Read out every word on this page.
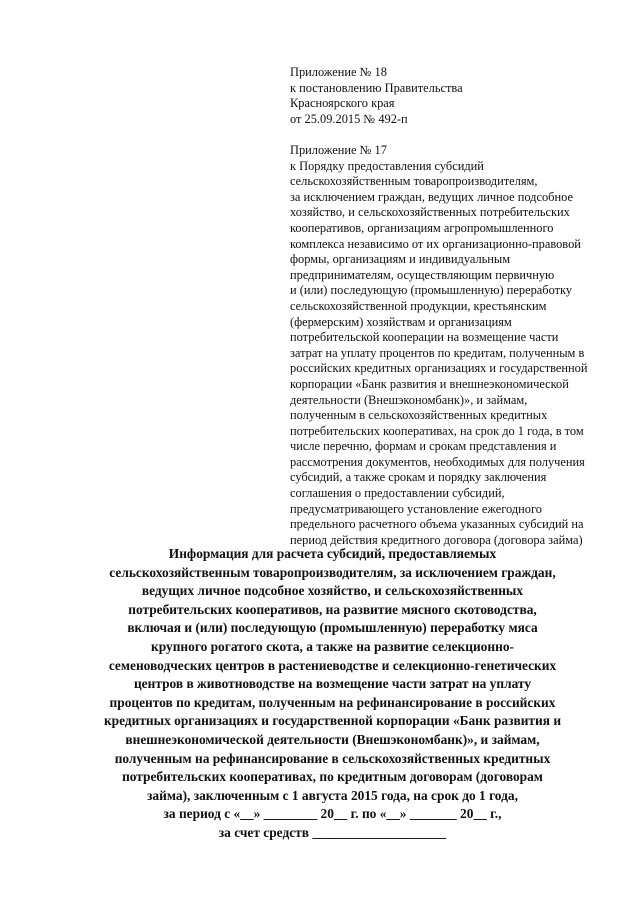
Приложение № 18
к постановлению Правительства
Красноярского края
от 25.09.2015 № 492-п
Приложение № 17
к Порядку предоставления субсидий
сельскохозяйственным товаропроизводителям,
за исключением граждан, ведущих личное подсобное
хозяйство, и сельскохозяйственных потребительских
кооперативов, организациям агропромышленного
комплекса независимо от их организационно-правовой
формы, организациям и индивидуальным
предпринимателям, осуществляющим первичную
и (или) последующую (промышленную) переработку
сельскохозяйственной продукции, крестьянским
(фермерским) хозяйствам и организациям
потребительской кооперации на возмещение части
затрат на уплату процентов по кредитам, полученным в
российских кредитных организациях и государственной
корпорации «Банк развития и внешнеэкономической
деятельности (Внешэкономбанк)», и займам,
полученным в сельскохозяйственных кредитных
потребительских кооперативах, на срок до 1 года, в том
числе перечню, формам и срокам представления и
рассмотрения документов, необходимых для получения
субсидий, а также срокам и порядку заключения
соглашения о предоставлении субсидий,
предусматривающего установление ежегодного
предельного расчетного объема указанных субсидий на
период действия кредитного договора (договора займа)
Информация для расчета субсидий, предоставляемых
сельскохозяйственным товаропроизводителям, за исключением граждан,
ведущих личное подсобное хозяйство, и сельскохозяйственных
потребительских кооперативов, на развитие мясного скотоводства,
включая и (или) последующую (промышленную) переработку мяса
крупного рогатого скота, а также на развитие селекционно-
семеноводческих центров в растениеводстве и селекционно-генетических
центров в животноводстве на возмещение части затрат на уплату
процентов по кредитам, полученным на рефинансирование в российских
кредитных организациях и государственной корпорации «Банк развития и
внешнеэкономической деятельности (Внешэкономбанк)», и займам,
полученным на рефинансирование в сельскохозяйственных кредитных
потребительских кооперативах, по кредитным договорам (договорам
займа), заключенным с 1 августа 2015 года, на срок до 1 года,
за период с «__» ________ 20__ г. по «__» _______ 20__ г.,
за счет средств ____________________
